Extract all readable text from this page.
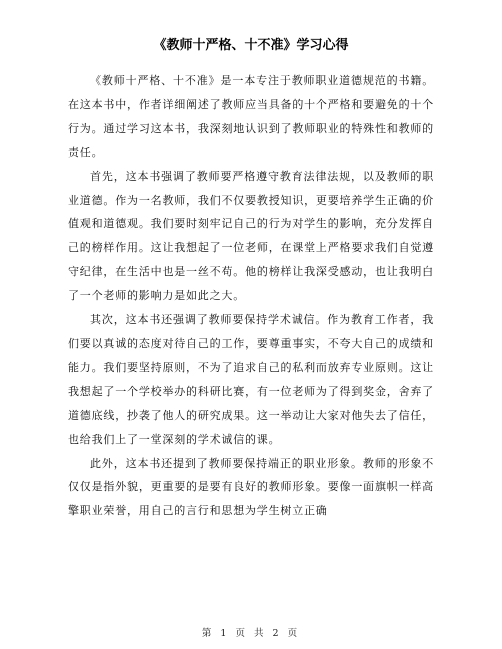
《教师十严格、十不准》学习心得

《教师十严格、十不准》是一本专注于教师职业道德规范的书籍。在这本书中，作者详细阐述了教师应当具备的十个严格和要避免的十个行为。通过学习这本书，我深刻地认识到了教师职业的特殊性和教师的责任。

首先，这本书强调了教师要严格遵守教育法律法规，以及教师的职业道德。作为一名教师，我们不仅要教授知识，更要培养学生正确的价值观和道德观。我们要时刻牢记自己的行为对学生的影响，充分发挥自己的榜样作用。这让我想起了一位老师，在课堂上严格要求我们自觉遵守纪律，在生活中也是一丝不苟。他的榜样让我深受感动，也让我明白了一个老师的影响力是如此之大。

其次，这本书还强调了教师要保持学术诚信。作为教育工作者，我们要以真诚的态度对待自己的工作，要尊重事实，不夸大自己的成绩和能力。我们要坚持原则，不为了追求自己的私利而放弃专业原则。这让我想起了一个学校举办的科研比赛，有一位老师为了得到奖金，舍弃了道德底线，抄袭了他人的研究成果。这一举动让大家对他失去了信任，也给我们上了一堂深刻的学术诚信的课。

此外，这本书还提到了教师要保持端正的职业形象。教师的形象不仅仅是指外貌，更重要的是要有良好的教师形象。要像一面旗帜一样高擎职业荣誉，用自己的言行和思想为学生树立正确

第 1 页 共 2 页
